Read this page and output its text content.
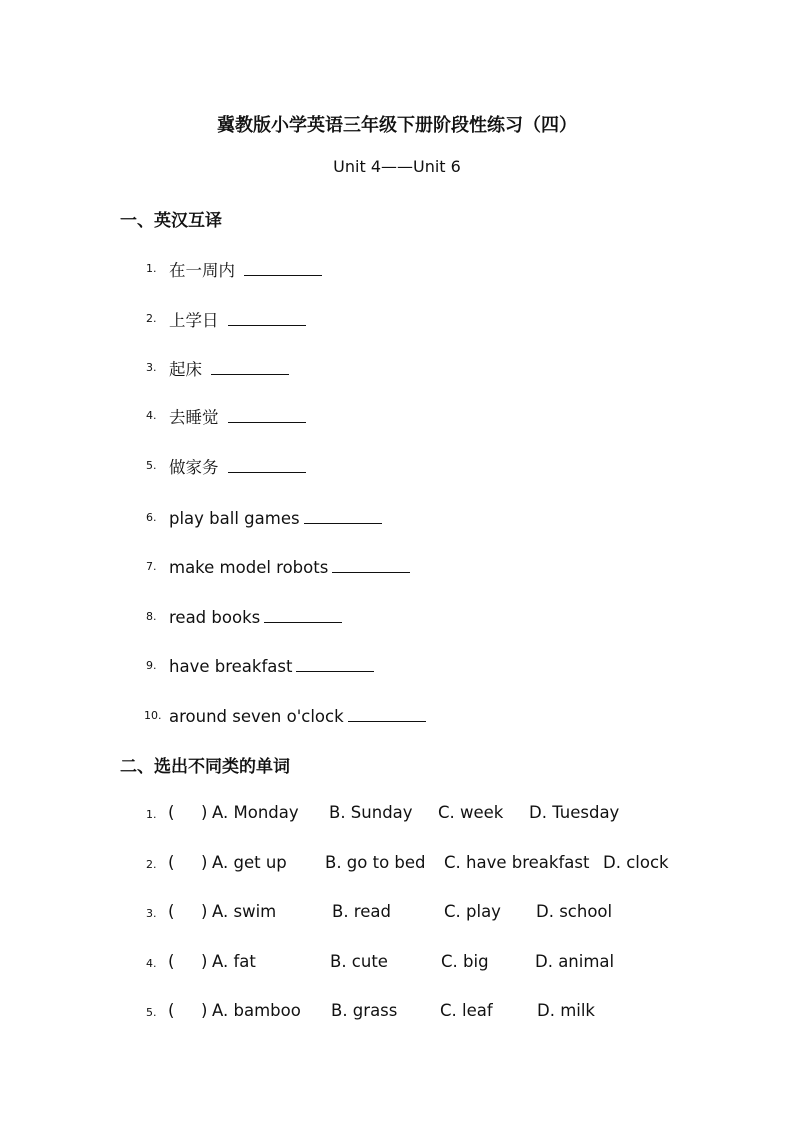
冀教版小学英语三年级下册阶段性练习（四）
Unit 4——Unit 6
一、英汉互译
1. 在一周内
2. 上学日
3. 起床
4. 去睡觉
5. 做家务
6. play ball games
7. make model robots
8. read books
9. have breakfast
10. around seven o'clock
二、选出不同类的单词
1. ( ) A. Monday B. Sunday C. week D. Tuesday
2. ( ) A. get up B. go to bed C. have breakfast D. clock
3. ( ) A. swim	B. read	C. play D. school
4. ( ) A. fat	B. cute	C. big	D. animal
5. ( ) A. bamboo B. grass	C. leaf	D. milk
